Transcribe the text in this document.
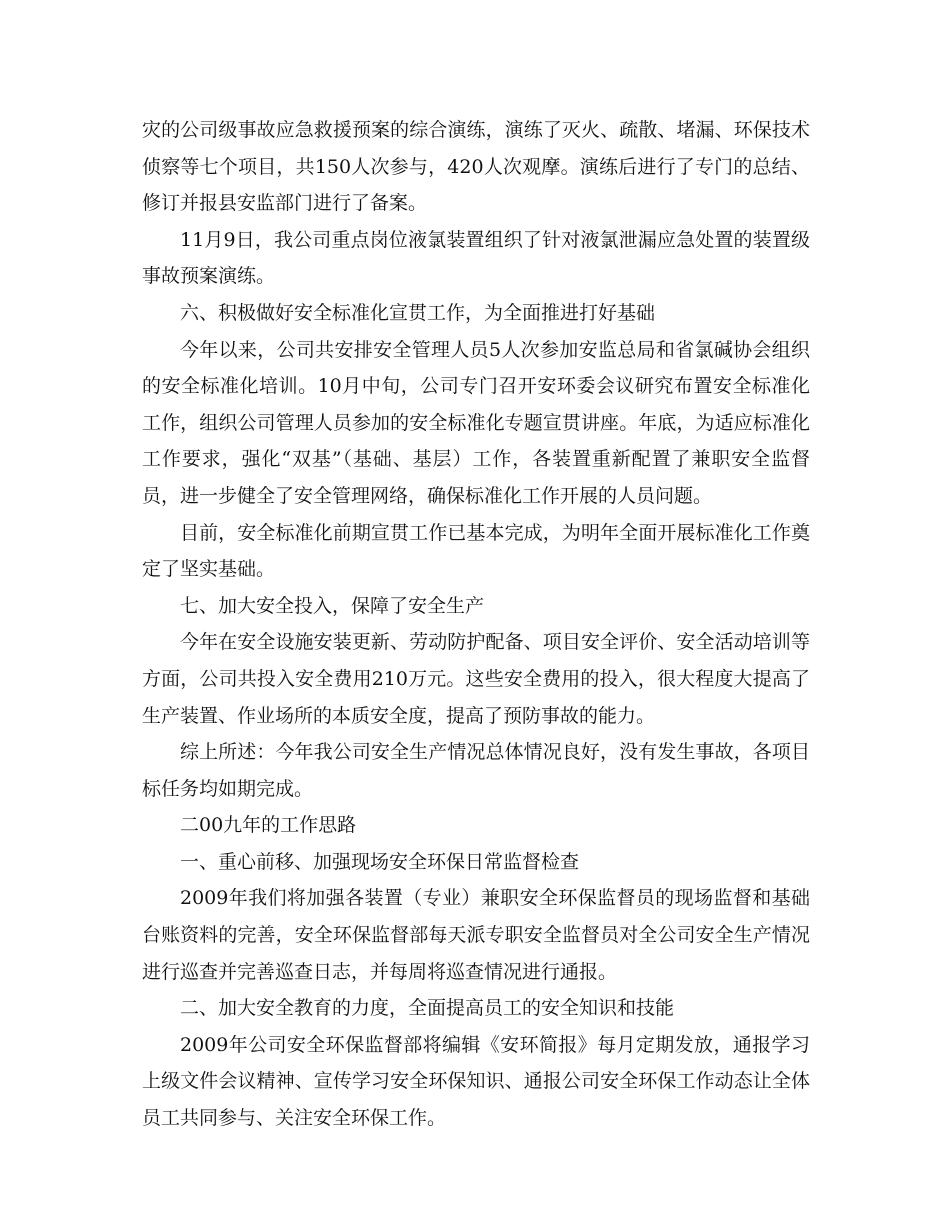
灾的公司级事故应急救援预案的综合演练，演练了灭火、疏散、堵漏、环保技术侦察等七个项目，共150人次参与，420人次观摩。演练后进行了专门的总结、修订并报县安监部门进行了备案。

11月9日，我公司重点岗位液氯装置组织了针对液氯泄漏应急处置的装置级事故预案演练。

六、积极做好安全标准化宣贯工作，为全面推进打好基础

今年以来，公司共安排安全管理人员5人次参加安监总局和省氯碱协会组织的安全标准化培训。10月中旬，公司专门召开安环委会议研究布置安全标准化工作，组织公司管理人员参加的安全标准化专题宣贯讲座。年底，为适应标准化工作要求，强化“双基”（基础、基层）工作，各装置重新配置了兼职安全监督员，进一步健全了安全管理网络，确保标准化工作开展的人员问题。

目前，安全标准化前期宣贯工作已基本完成，为明年全面开展标准化工作奠定了坚实基础。

七、加大安全投入，保障了安全生产

今年在安全设施安装更新、劳动防护配备、项目安全评价、安全活动培训等方面，公司共投入安全费用210万元。这些安全费用的投入，很大程度大提高了生产装置、作业场所的本质安全度，提高了预防事故的能力。

综上所述：今年我公司安全生产情况总体情况良好，没有发生事故，各项目标任务均如期完成。

二00九年的工作思路

一、重心前移、加强现场安全环保日常监督检查

2009年我们将加强各装置（专业）兼职安全环保监督员的现场监督和基础台账资料的完善，安全环保监督部每天派专职安全监督员对全公司安全生产情况进行巡查并完善巡查日志，并每周将巡查情况进行通报。

二、加大安全教育的力度，全面提高员工的安全知识和技能

2009年公司安全环保监督部将编辑《安环简报》每月定期发放，通报学习上级文件会议精神、宣传学习安全环保知识、通报公司安全环保工作动态让全体员工共同参与、关注安全环保工作。
